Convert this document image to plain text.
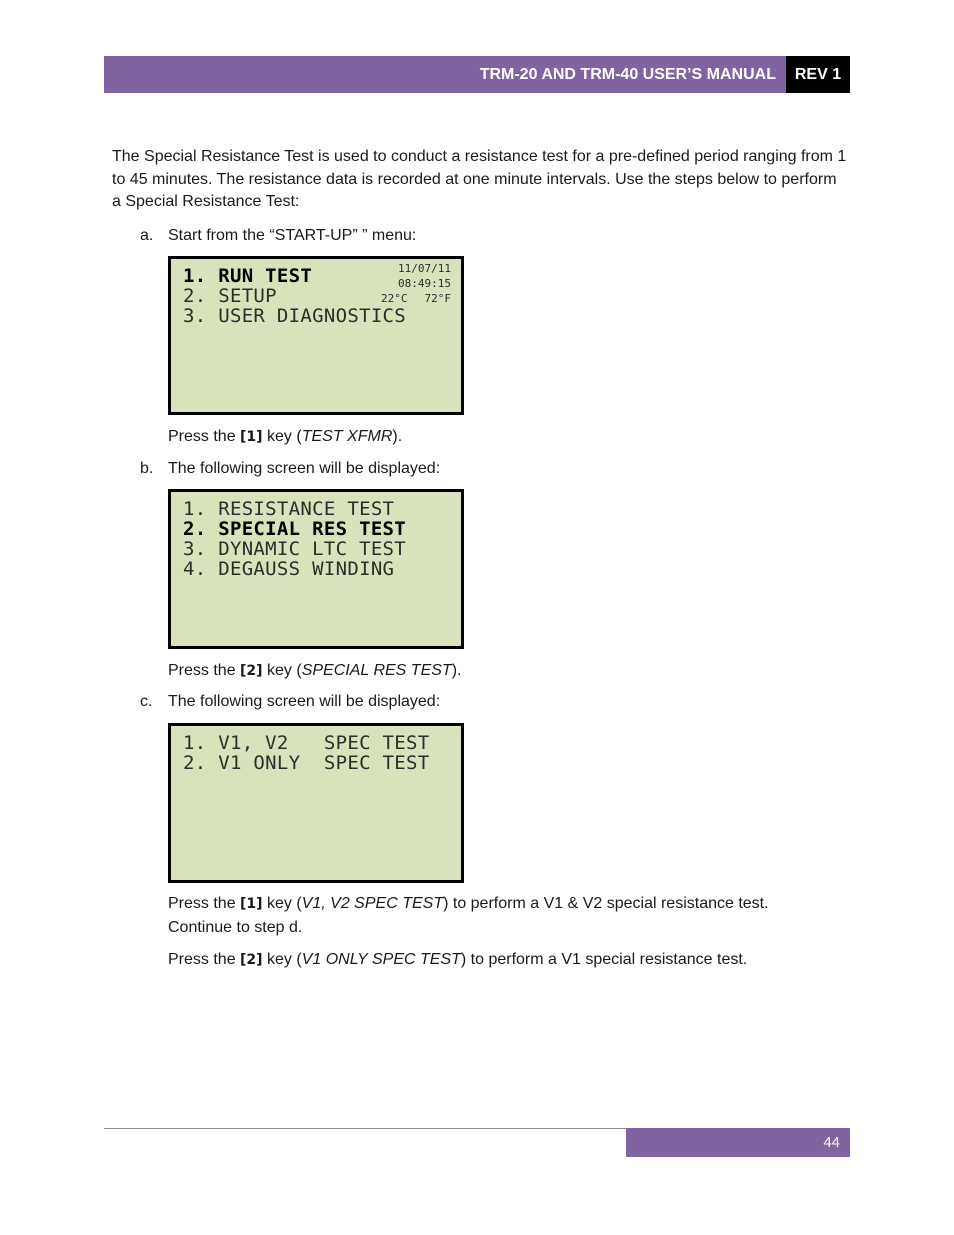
TRM-20 AND TRM-40 USER’S MANUAL	REV 1
The Special Resistance Test is used to conduct a resistance test for a pre-defined period ranging from 1 to 45 minutes. The resistance data is recorded at one minute intervals. Use the steps below to perform a Special Resistance Test:
a. Start from the “START-UP” ” menu:
1. RUN TEST
2. SETUP
3. USER DIAGNOSTICS
11/07/11
08:49:15
22°C 72°F
Press the [1] key (TEST XFMR).
b. The following screen will be displayed:
1. RESISTANCE TEST
2. SPECIAL RES TEST
3. DYNAMIC LTC TEST
4. DEGAUSS WINDING
Press the [2] key (SPECIAL RES TEST).
c. The following screen will be displayed:
1. V1, V2   SPEC TEST
2. V1 ONLY  SPEC TEST
Press the [1] key (V1, V2 SPEC TEST) to perform a V1 & V2 special resistance test. Continue to step d.
Press the [2] key (V1 ONLY SPEC TEST) to perform a V1 special resistance test.
44
